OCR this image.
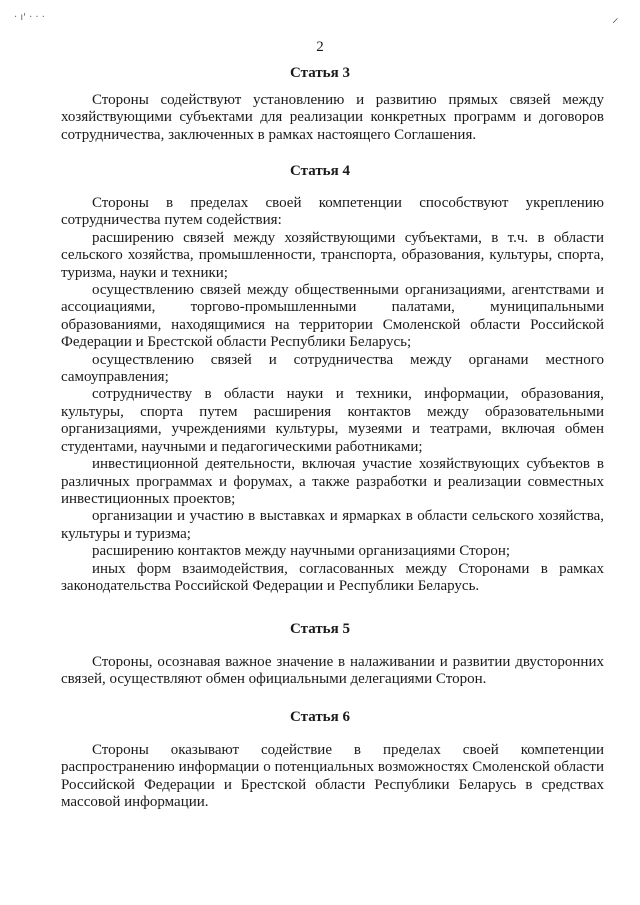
· ı' · · ·	⸝
2
Статья 3

Стороны содействуют установлению и развитию прямых связей между хозяйствующими субъектами для реализации конкретных программ и договоров сотрудничества, заключенных в рамках настоящего Соглашения.

Статья 4

Стороны в пределах своей компетенции способствуют укреплению сотрудничества путем содействия:

расширению связей между хозяйствующими субъектами, в т.ч. в области сельского хозяйства, промышленности, транспорта, образования, культуры, спорта, туризма, науки и техники;

осуществлению связей между общественными организациями, агентствами и ассоциациями, торгово-промышленными палатами, муниципальными образованиями, находящимися на территории Смоленской области Российской Федерации и Брестской области Республики Беларусь;

осуществлению связей и сотрудничества между органами местного самоуправления;

сотрудничеству в области науки и техники, информации, образования, культуры, спорта путем расширения контактов между образовательными организациями, учреждениями культуры, музеями и театрами, включая обмен студентами, научными и педагогическими работниками;

инвестиционной деятельности, включая участие хозяйствующих субъектов в различных программах и форумах, а также разработки и реализации совместных инвестиционных проектов;

организации и участию в выставках и ярмарках в области сельского хозяйства, культуры и туризма;

расширению контактов между научными организациями Сторон;

иных форм взаимодействия, согласованных между Сторонами в рамках законодательства Российской Федерации и Республики Беларусь.

Статья 5

Стороны, осознавая важное значение в налаживании и развитии двусторонних связей, осуществляют обмен официальными делегациями Сторон.

Статья 6

Стороны оказывают содействие в пределах своей компетенции распространению информации о потенциальных возможностях Смоленской области Российской Федерации и Брестской области Республики Беларусь в средствах массовой информации.
